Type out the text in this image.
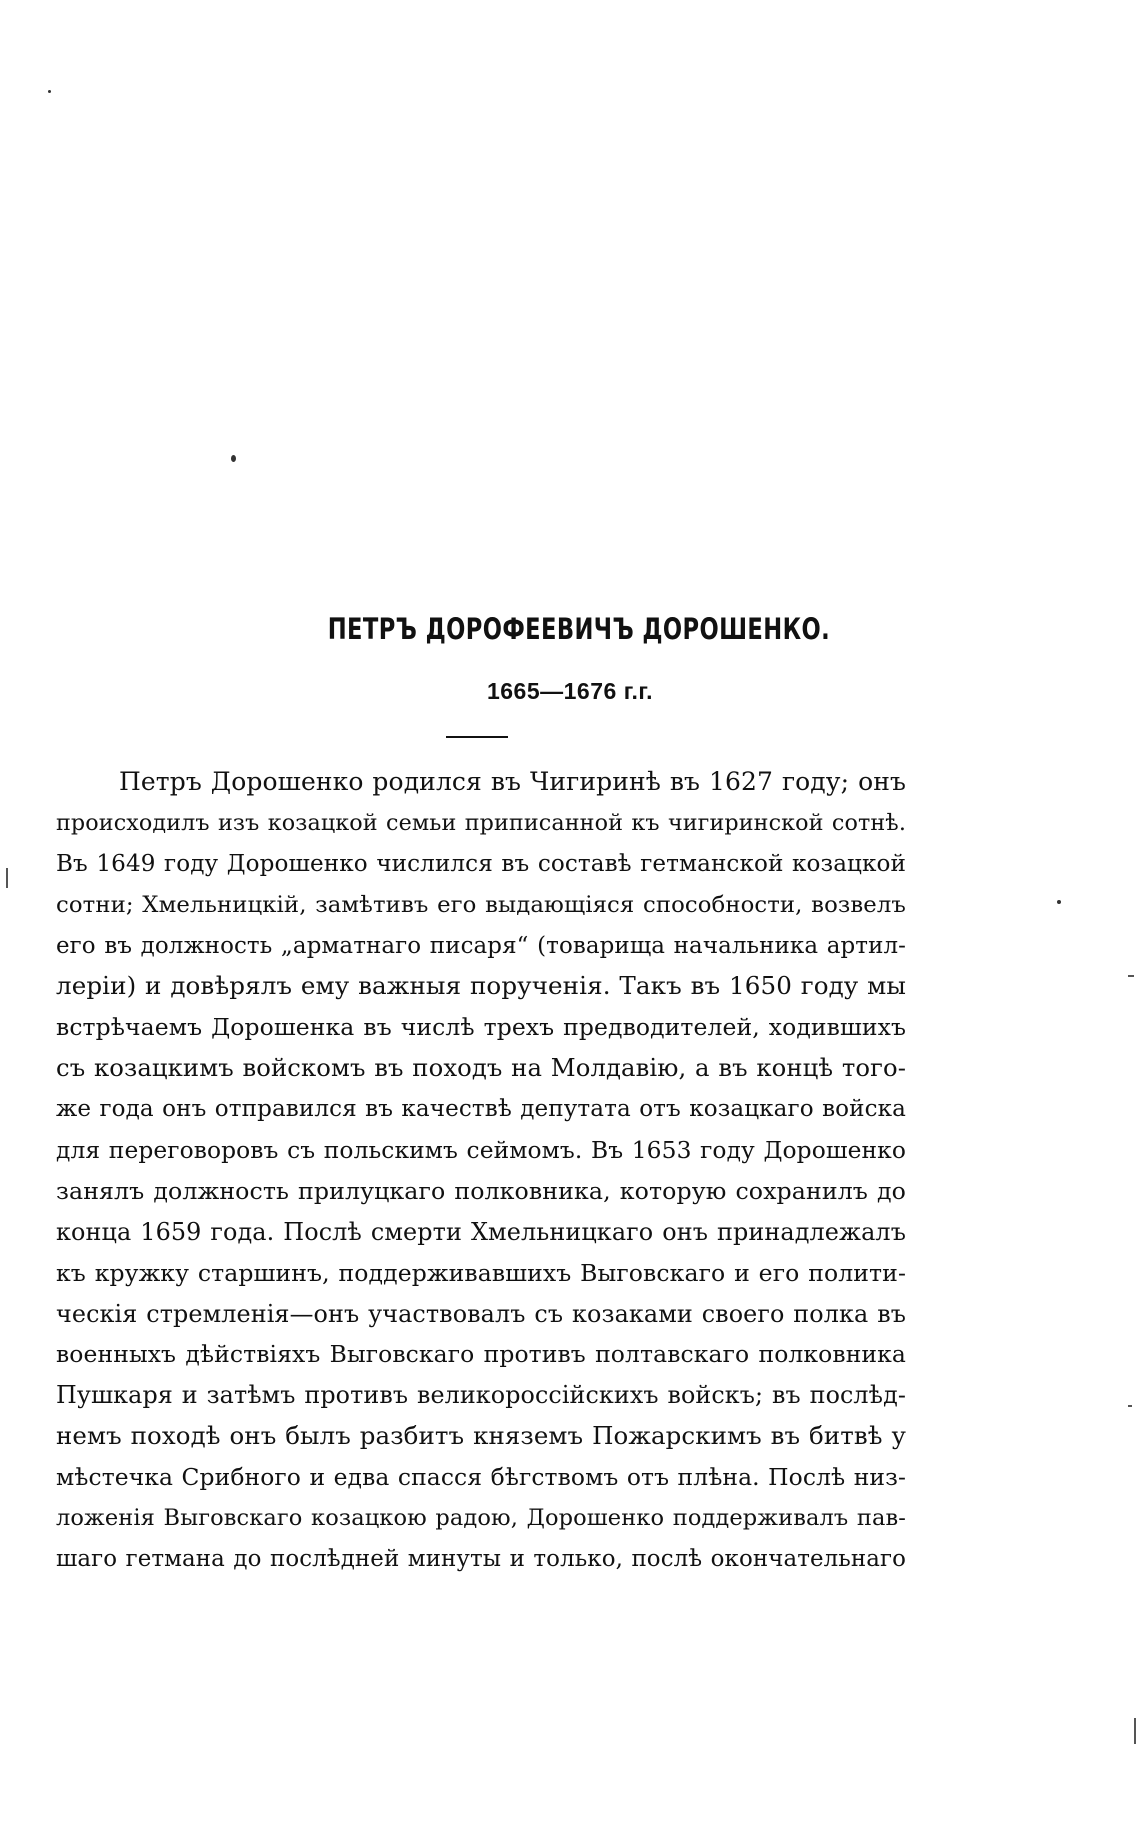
ПЕТРЪ ДОРОФЕЕВИЧЪ ДОРОШЕНКО.
1665—1676 г.г.
Петръ Дорошенко родился въ Чигиринѣ въ 1627 году; онъ
происходилъ изъ козацкой семьи приписанной къ чигиринской сотнѣ.
Въ 1649 году Дорошенко числился въ составѣ гетманской козацкой
сотни; Хмельницкій, замѣтивъ его выдающіяся способности, возвелъ
его въ должность „арматнаго писаря“ (товарища начальника артил-
леріи) и довѣрялъ ему важныя порученія. Такъ въ 1650 году мы
встрѣчаемъ Дорошенка въ числѣ трехъ предводителей, ходившихъ
съ козацкимъ войскомъ въ походъ на Молдавію, а въ концѣ того-
же года онъ отправился въ качествѣ депутата отъ козацкаго войска
для переговоровъ съ польскимъ сеймомъ. Въ 1653 году Дорошенко
занялъ должность прилуцкаго полковника, которую сохранилъ до
конца 1659 года. Послѣ смерти Хмельницкаго онъ принадлежалъ
къ кружку старшинъ, поддерживавшихъ Выговскаго и его полити-
ческія стремленія—онъ участвовалъ съ козаками своего полка въ
военныхъ дѣйствіяхъ Выговскаго противъ полтавскаго полковника
Пушкаря и затѣмъ противъ великороссійскихъ войскъ; въ послѣд-
немъ походѣ онъ былъ разбитъ княземъ Пожарскимъ въ битвѣ у
мѣстечка Срибного и едва спасся бѣгствомъ отъ плѣна. Послѣ низ-
ложенія Выговскаго козацкою радою, Дорошенко поддерживалъ пав-
шаго гетмана до послѣдней минуты и только, послѣ окончательнаго
